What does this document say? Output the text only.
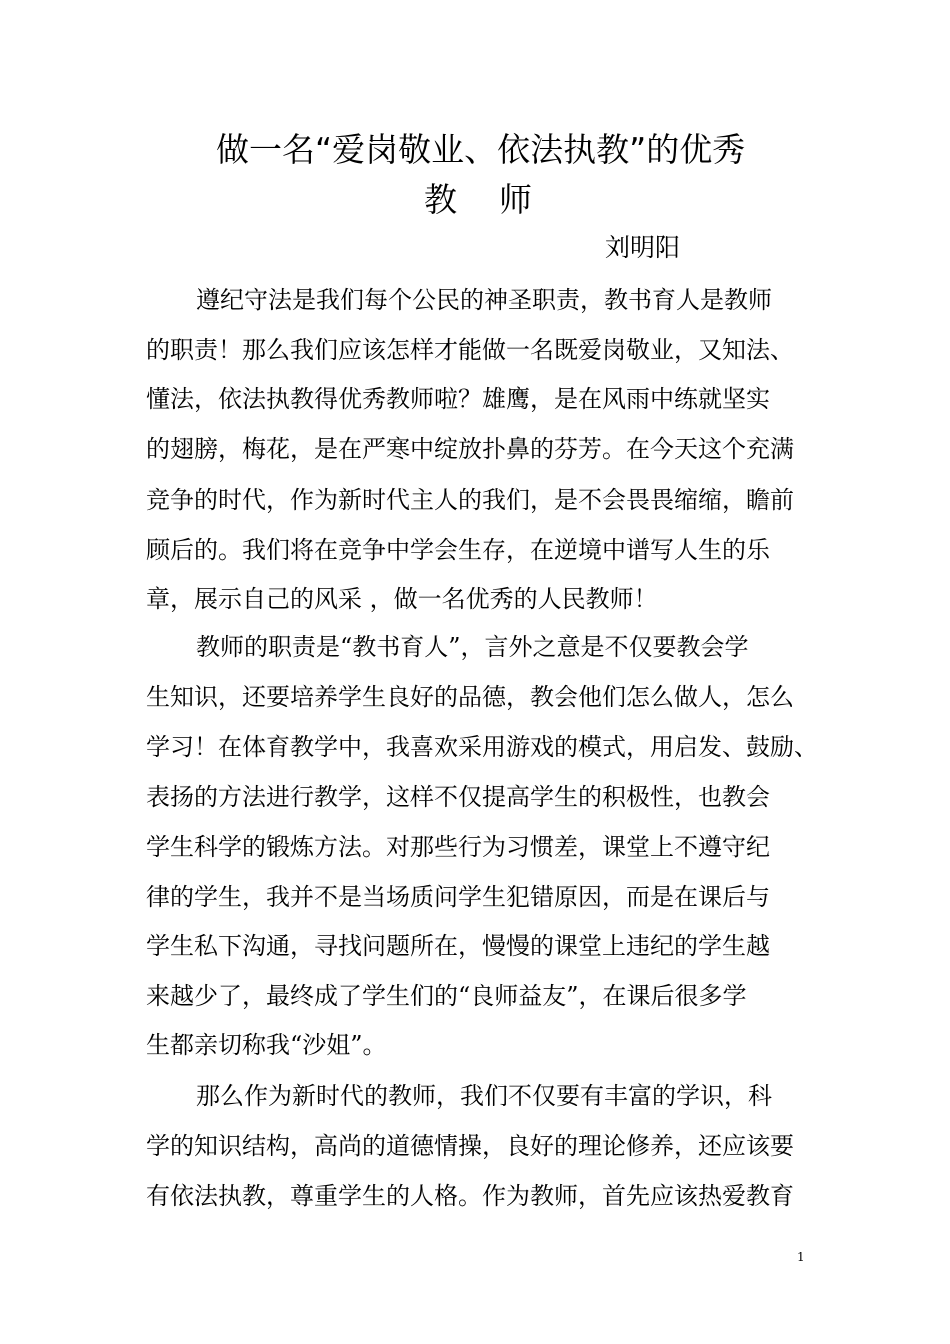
做一名“爱岗敬业、依法执教”的优秀
教    师
刘明阳
遵纪守法是我们每个公民的神圣职责，教书育人是教师
的职责！那么我们应该怎样才能做一名既爱岗敬业，又知法、
懂法，依法执教得优秀教师啦？雄鹰，是在风雨中练就坚实
的翅膀，梅花，是在严寒中绽放扑鼻的芬芳。在今天这个充满
竞争的时代，作为新时代主人的我们，是不会畏畏缩缩，瞻前
顾后的。我们将在竞争中学会生存，在逆境中谱写人生的乐
章，展示自己的风采 ，做一名优秀的人民教师！
教师的职责是“教书育人”，言外之意是不仅要教会学
生知识，还要培养学生良好的品德，教会他们怎么做人，怎么
学习！在体育教学中，我喜欢采用游戏的模式，用启发、鼓励、
表扬的方法进行教学，这样不仅提高学生的积极性，也教会
学生科学的锻炼方法。对那些行为习惯差，课堂上不遵守纪
律的学生，我并不是当场质问学生犯错原因，而是在课后与
学生私下沟通，寻找问题所在，慢慢的课堂上违纪的学生越
来越少了，最终成了学生们的“良师益友”，在课后很多学
生都亲切称我“沙姐”。
那么作为新时代的教师，我们不仅要有丰富的学识，科
学的知识结构，高尚的道德情操，良好的理论修养，还应该要
有依法执教，尊重学生的人格。作为教师，首先应该热爱教育
1
